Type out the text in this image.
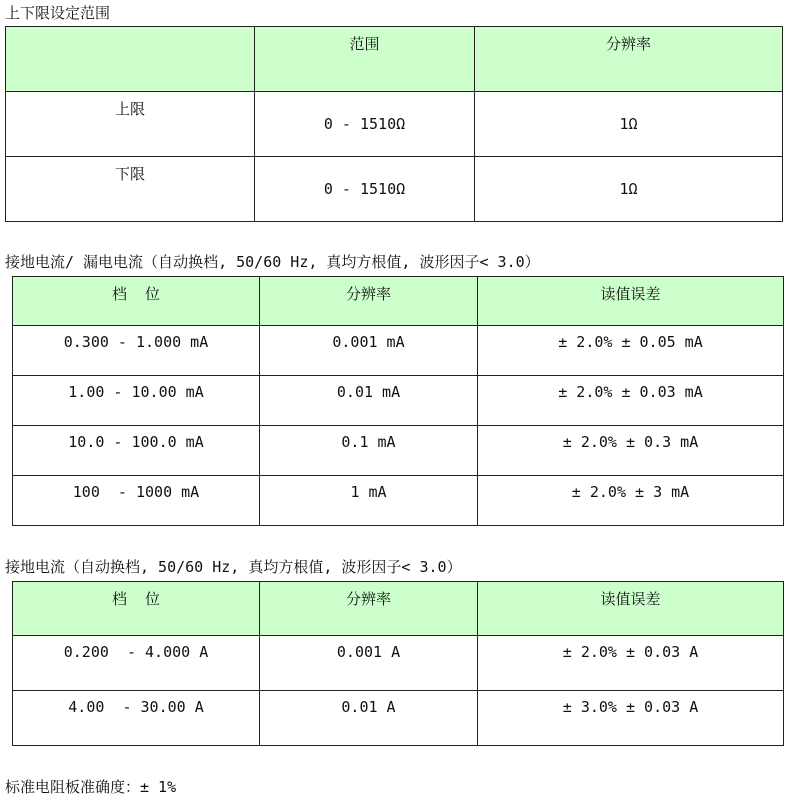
上下限设定范围
	范围	分辨率
上限	0 - 1510Ω	1Ω
下限	0 - 1510Ω	1Ω
接地电流/ 漏电电流（自动换档, 50/60 Hz, 真均方根值, 波形因子< 3.0）
档  位	分辨率	读值误差
0.300 - 1.000 mA	0.001 mA	± 2.0% ± 0.05 mA
1.00 - 10.00 mA	0.01 mA	± 2.0% ± 0.03 mA
10.0 - 100.0 mA	0.1 mA	± 2.0% ± 0.3 mA
100  - 1000 mA	1 mA	± 2.0% ± 3 mA
接地电流（自动换档, 50/60 Hz, 真均方根值, 波形因子< 3.0）
档  位	分辨率	读值误差
0.200  - 4.000 A	0.001 A	± 2.0% ± 0.03 A
4.00  - 30.00 A	0.01 A	± 3.0% ± 0.03 A
标准电阻板准确度：± 1%
